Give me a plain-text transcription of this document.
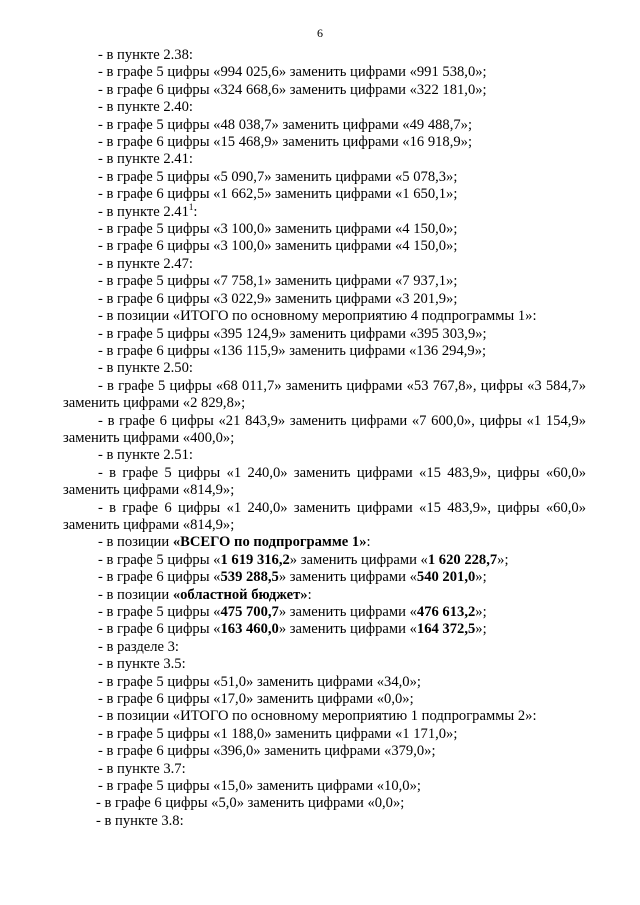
6
- в пункте 2.38:
- в графе 5 цифры «994 025,6» заменить цифрами «991 538,0»;
- в графе 6 цифры «324 668,6» заменить цифрами «322 181,0»;
- в пункте 2.40:
- в графе 5 цифры «48 038,7» заменить цифрами «49 488,7»;
- в графе 6 цифры «15 468,9» заменить цифрами «16 918,9»;
- в пункте 2.41:
- в графе 5 цифры «5 090,7» заменить цифрами «5 078,3»;
- в графе 6 цифры «1 662,5» заменить цифрами «1 650,1»;
- в пункте 2.41$^1$:
- в графе 5 цифры «3 100,0» заменить цифрами «4 150,0»;
- в графе 6 цифры «3 100,0» заменить цифрами «4 150,0»;
- в пункте 2.47:
- в графе 5 цифры «7 758,1» заменить цифрами «7 937,1»;
- в графе 6 цифры «3 022,9» заменить цифрами «3 201,9»;
- в позиции «ИТОГО по основному мероприятию 4 подпрограммы 1»:
- в графе 5 цифры «395 124,9» заменить цифрами «395 303,9»;
- в графе 6 цифры «136 115,9» заменить цифрами «136 294,9»;
- в пункте 2.50:
- в графе 5 цифры «68 011,7» заменить цифрами «53 767,8», цифры «3 584,7»
заменить цифрами «2 829,8»;
- в графе 6 цифры «21 843,9» заменить цифрами «7 600,0», цифры «1 154,9»
заменить цифрами «400,0»;
- в пункте 2.51:
- в графе 5 цифры «1 240,0» заменить цифрами «15 483,9», цифры «60,0»
заменить цифрами «814,9»;
- в графе 6 цифры «1 240,0» заменить цифрами «15 483,9», цифры «60,0»
заменить цифрами «814,9»;
- в позиции «ВСЕГО по подпрограмме 1»:
- в графе 5 цифры «1 619 316,2» заменить цифрами «1 620 228,7»;
- в графе 6 цифры «539 288,5» заменить цифрами «540 201,0»;
- в позиции «областной бюджет»:
- в графе 5 цифры «475 700,7» заменить цифрами «476 613,2»;
- в графе 6 цифры «163 460,0» заменить цифрами «164 372,5»;
- в разделе 3:
- в пункте 3.5:
- в графе 5 цифры «51,0» заменить цифрами «34,0»;
- в графе 6 цифры «17,0» заменить цифрами «0,0»;
- в позиции «ИТОГО по основному мероприятию 1 подпрограммы 2»:
- в графе 5 цифры «1 188,0» заменить цифрами «1 171,0»;
- в графе 6 цифры «396,0» заменить цифрами «379,0»;
- в пункте 3.7:
- в графе 5 цифры «15,0» заменить цифрами «10,0»;
- в графе 6 цифры «5,0» заменить цифрами «0,0»;
- в пункте 3.8:
